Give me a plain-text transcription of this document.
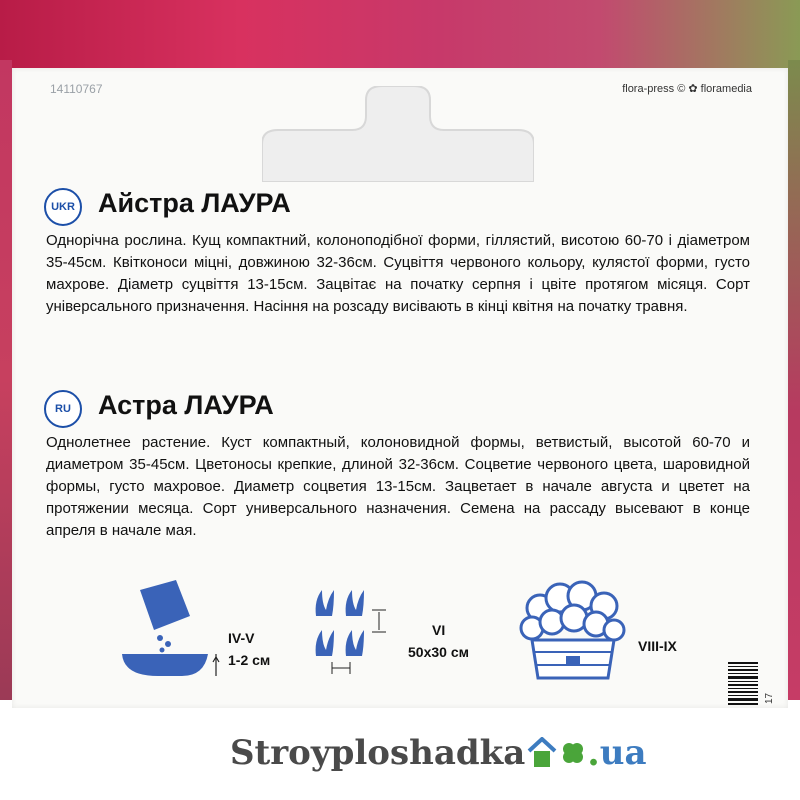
14110767	flora-press © ✿ floramedia
UKR Айстра ЛАУРА

Однорічна рослина. Кущ компактний, колоноподібної форми, гіллястий, висотою 60-70 і діаметром 35-45см. Квітконоси міцні, довжиною 32-36см. Суцвіття червоного кольору, кулястої форми, густо махрове. Діаметр суцвіття 13-15см. Зацвітає на початку серпня і цвіте протягом місяця. Сорт універсального призначення. Насіння на розсаду висівають в кінці квітня на початку травня.

RU	Астра ЛАУРА

Однолетнее растение. Куст компактный, колоновидной формы, ветвистый, высотой 60-70 и диаметром 35-45см. Цветоносы крепкие, длиной 32-36см. Соцветие червоного цвета, шаровидной формы, густо махровое. Диаметр соцветия 13-15см. Зацветает в начале августа и цветет на протяжении месяца. Сорт универсального назначения. Семена на рассаду высевают в конце апреля в начале мая.

IV-V
1-2 см
VI
50x30 см	VIII-IX
17
Stroyploshadka . ua
